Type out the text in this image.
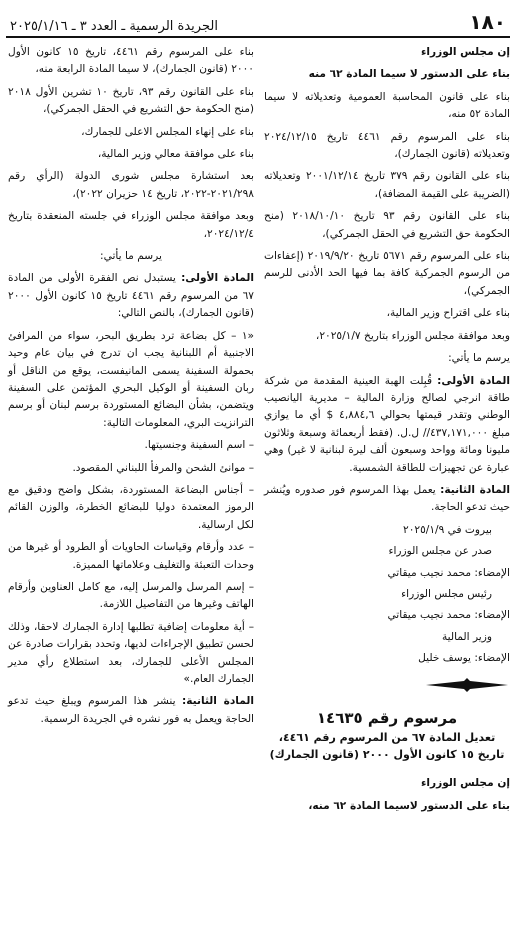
١٨٠
الجريدة الرسمية ـ العدد ٣ ـ ٢٠٢٥/١/١٦

إن مجلس الوزراء

بناء على الدستور لا سيما المادة ٦٢ منه

بناء على قانون المحاسبة العمومية وتعديلاته لا سيما المادة ٥٢ منه،

بناء على المرسوم رقم ٤٤٦١ تاريخ ٢٠٢٤/١٢/١٥ وتعديلاته (قانون الجمارك)،

بناء على القانون رقم ٣٧٩ تاريخ ٢٠٠١/١٢/١٤ وتعديلاته (الضريبة على القيمة المضافة)،

بناء على القانون رقم ٩٣ تاريخ ٢٠١٨/١٠/١٠ (منح الحكومة حق التشريع في الحقل الجمركي)،

بناء على المرسوم رقم ٥٦٧١ تاريخ ٢٠١٩/٩/٢٠ (إعفاءات من الرسوم الجمركية كافة بما فيها الحد الأدنى للرسم الجمركي)،

بناء على اقتراح وزير المالية،

وبعد موافقة مجلس الوزراء بتاريخ ٢٠٢٥/١/٧،

يرسم ما يأتي:

المادة الأولى: قُبِلت الهبة العينية المقدمة من شركة طاقة انرجي لصالح وزارة المالية – مديرية اليانصيب الوطني وتقدر قيمتها بحوالي ٤,٨٨٤,٦ $ أي ما يوازي مبلغ ٤٣٧,١٧١,٠٠٠// ل.ل. (فقط أربعمائة وسبعة وثلاثون مليونا ومائة وواحد وسبعون ألف ليرة لبنانية لا غير) وهي عبارة عن تجهيزات للطاقة الشمسية.

المادة الثانية: يعمل بهذا المرسوم فور صدوره ويُنشر حيث تدعو الحاجة.

بيروت في ٢٠٢٥/١/٩

صدر عن مجلس الوزراء

الإمضاء: محمد نجيب ميقاتي

رئيس مجلس الوزراء

الإمضاء: محمد نجيب ميقاتي

وزير المالية

الإمضاء: يوسف خليل

مرسوم رقم ١٤٦٣٥
تعديل المادة ٦٧ من المرسوم رقم ٤٤٦١، تاريخ ١٥ كانون الأول ٢٠٠٠ (قانون الجمارك)

إن مجلس الوزراء

بناء على الدستور لاسيما المادة ٦٢ منه،

بناء على المرسوم رقم ٤٤٦١، تاريخ ١٥ كانون الأول ٢٠٠٠ (قانون الجمارك)، لا سيما المادة الرابعة منه،

بناء على القانون رقم ٩٣، تاريخ ١٠ تشرين الأول ٢٠١٨ (منح الحكومة حق التشريع في الحقل الجمركي)،

بناء على إنهاء المجلس الاعلى للجمارك،

بناء على موافقة معالي وزير المالية،

بعد استشارة مجلس شورى الدولة (الرأي رقم ٢٠٢١/٢٩٨-٢٠٢٢، تاريخ ١٤ حزيران ٢٠٢٢)،

وبعد موافقة مجلس الوزراء في جلسته المنعقدة بتاريخ ٢٠٢٤/١٢/٤،

يرسم ما يأتي:

المادة الأولى: يستبدل نص الفقرة الأولى من المادة ٦٧ من المرسوم رقم ٤٤٦١ تاريخ ١٥ كانون الأول ٢٠٠٠ (قانون الجمارك)، بالنص التالي:

«١ – كل بضاعة ترد بطريق البحر، سواء من المرافئ الاجنبية أم اللبنانية يجب ان تدرج في بيان عام وحيد بحمولة السفينة يسمى المانيفست، يوقع من الناقل أو ربان السفينة أو الوكيل البحري المؤتمن على السفينة ويتضمن، بشأن البضائع المستوردة برسم لبنان أو برسم الترانزيت البري، المعلومات التالية:

– اسم السفينة وجنسيتها.

– موانئ الشحن والمرفأ اللبناني المقصود.

– أجناس البضاعة المستوردة، بشكل واضح ودقيق مع الرموز المعتمدة دوليا للبضائع الخطرة، والوزن القائم لكل ارسالية.

– عدد وأرقام وقياسات الحاويات أو الطرود أو غيرها من وحدات التعبئة والتغليف وعلاماتها المميزة.

– إسم المرسل والمرسل إليه، مع كامل العناوين وأرقام الهاتف وغيرها من التفاصيل اللازمة.

– أية معلومات إضافية تطلبها إدارة الجمارك لاحقا، وذلك لحسن تطبيق الإجراءات لديها، وتحدد بقرارات صادرة عن المجلس الأعلى للجمارك، بعد استطلاع رأي مدير الجمارك العام.»

المادة الثانية: ينشر هذا المرسوم ويبلغ حيث تدعو الحاجة ويعمل به فور نشره في الجريدة الرسمية.
